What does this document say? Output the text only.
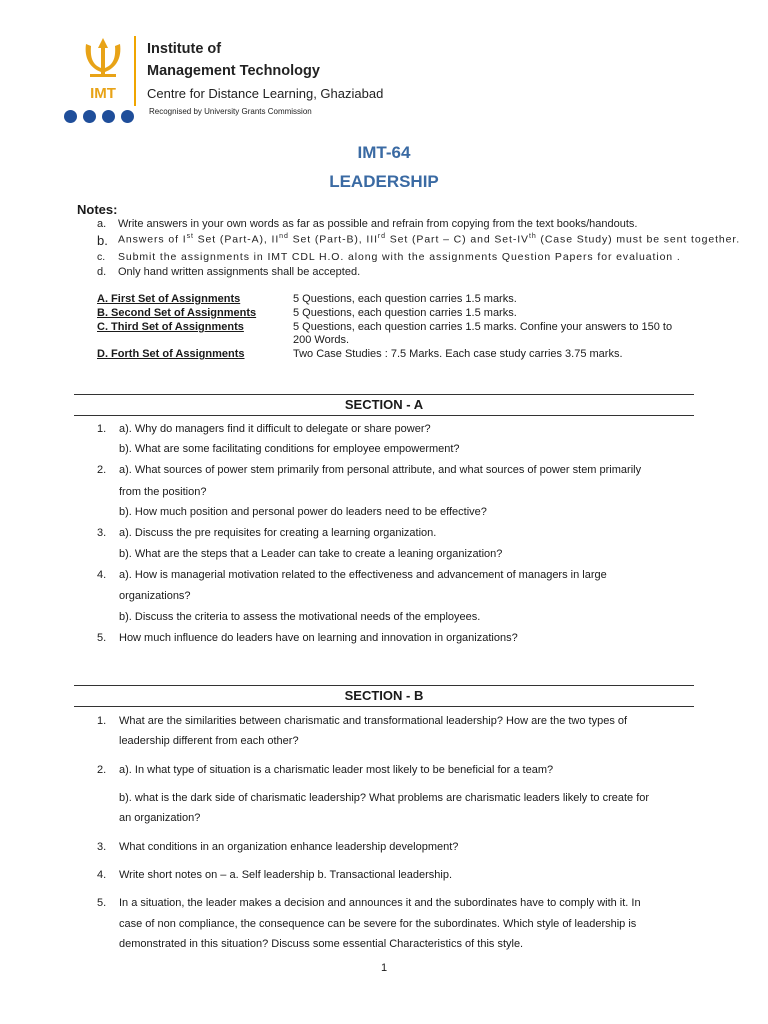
IMT
Institute of
Management Technology
Centre for Distance Learning, Ghaziabad
Recognised by University Grants Commission
IMT-64
LEADERSHIP
Notes:
a.	Write answers in your own words as far as possible and refrain from copying from the text books/handouts.
b. Answers of Ist Set (Part-A), IInd Set (Part-B), IIIrd Set (Part – C) and Set-IVth (Case Study) must be sent together.
c.	Submit the assignments in IMT CDL H.O. along with the assignments Question Papers for evaluation .
d.	Only hand written assignments shall be accepted.
A. First Set of Assignments	5 Questions, each question carries 1.5 marks.
B. Second Set of Assignments	5 Questions, each question carries 1.5 marks.
C. Third Set of Assignments	5 Questions, each question carries 1.5 marks. Confine your answers to 150 to 200 Words.
D. Forth Set of Assignments	Two Case Studies : 7.5 Marks. Each case study carries 3.75 marks.
SECTION - A
1. a). Why do managers find it difficult to delegate or share power?
b). What are some facilitating conditions for employee empowerment?
2. a). What sources of power stem primarily from personal attribute, and what sources of power stem primarily
from the position?
b). How much position and personal power do leaders need to be effective?
3. a). Discuss the pre requisites for creating a learning organization.
b). What are the steps that a Leader can take to create a leaning organization?
4. a). How is managerial motivation related to the effectiveness and advancement of managers in large
organizations?
b). Discuss the criteria to assess the motivational needs of the employees.
5. How much influence do leaders have on learning and innovation in organizations?
SECTION - B
1. What are the similarities between charismatic and transformational leadership? How are the two types of
leadership different from each other?
2. a). In what type of situation is a charismatic leader most likely to be beneficial for a team?
b). what is the dark side of charismatic leadership? What problems are charismatic leaders likely to create for
an organization?
3. What conditions in an organization enhance leadership development?
4. Write short notes on – a. Self leadership b. Transactional leadership.
5. In a situation, the leader makes a decision and announces it and the subordinates have to comply with it. In
case of non compliance, the consequence can be severe for the subordinates. Which style of leadership is
demonstrated in this situation? Discuss some essential Characteristics of this style.
1
